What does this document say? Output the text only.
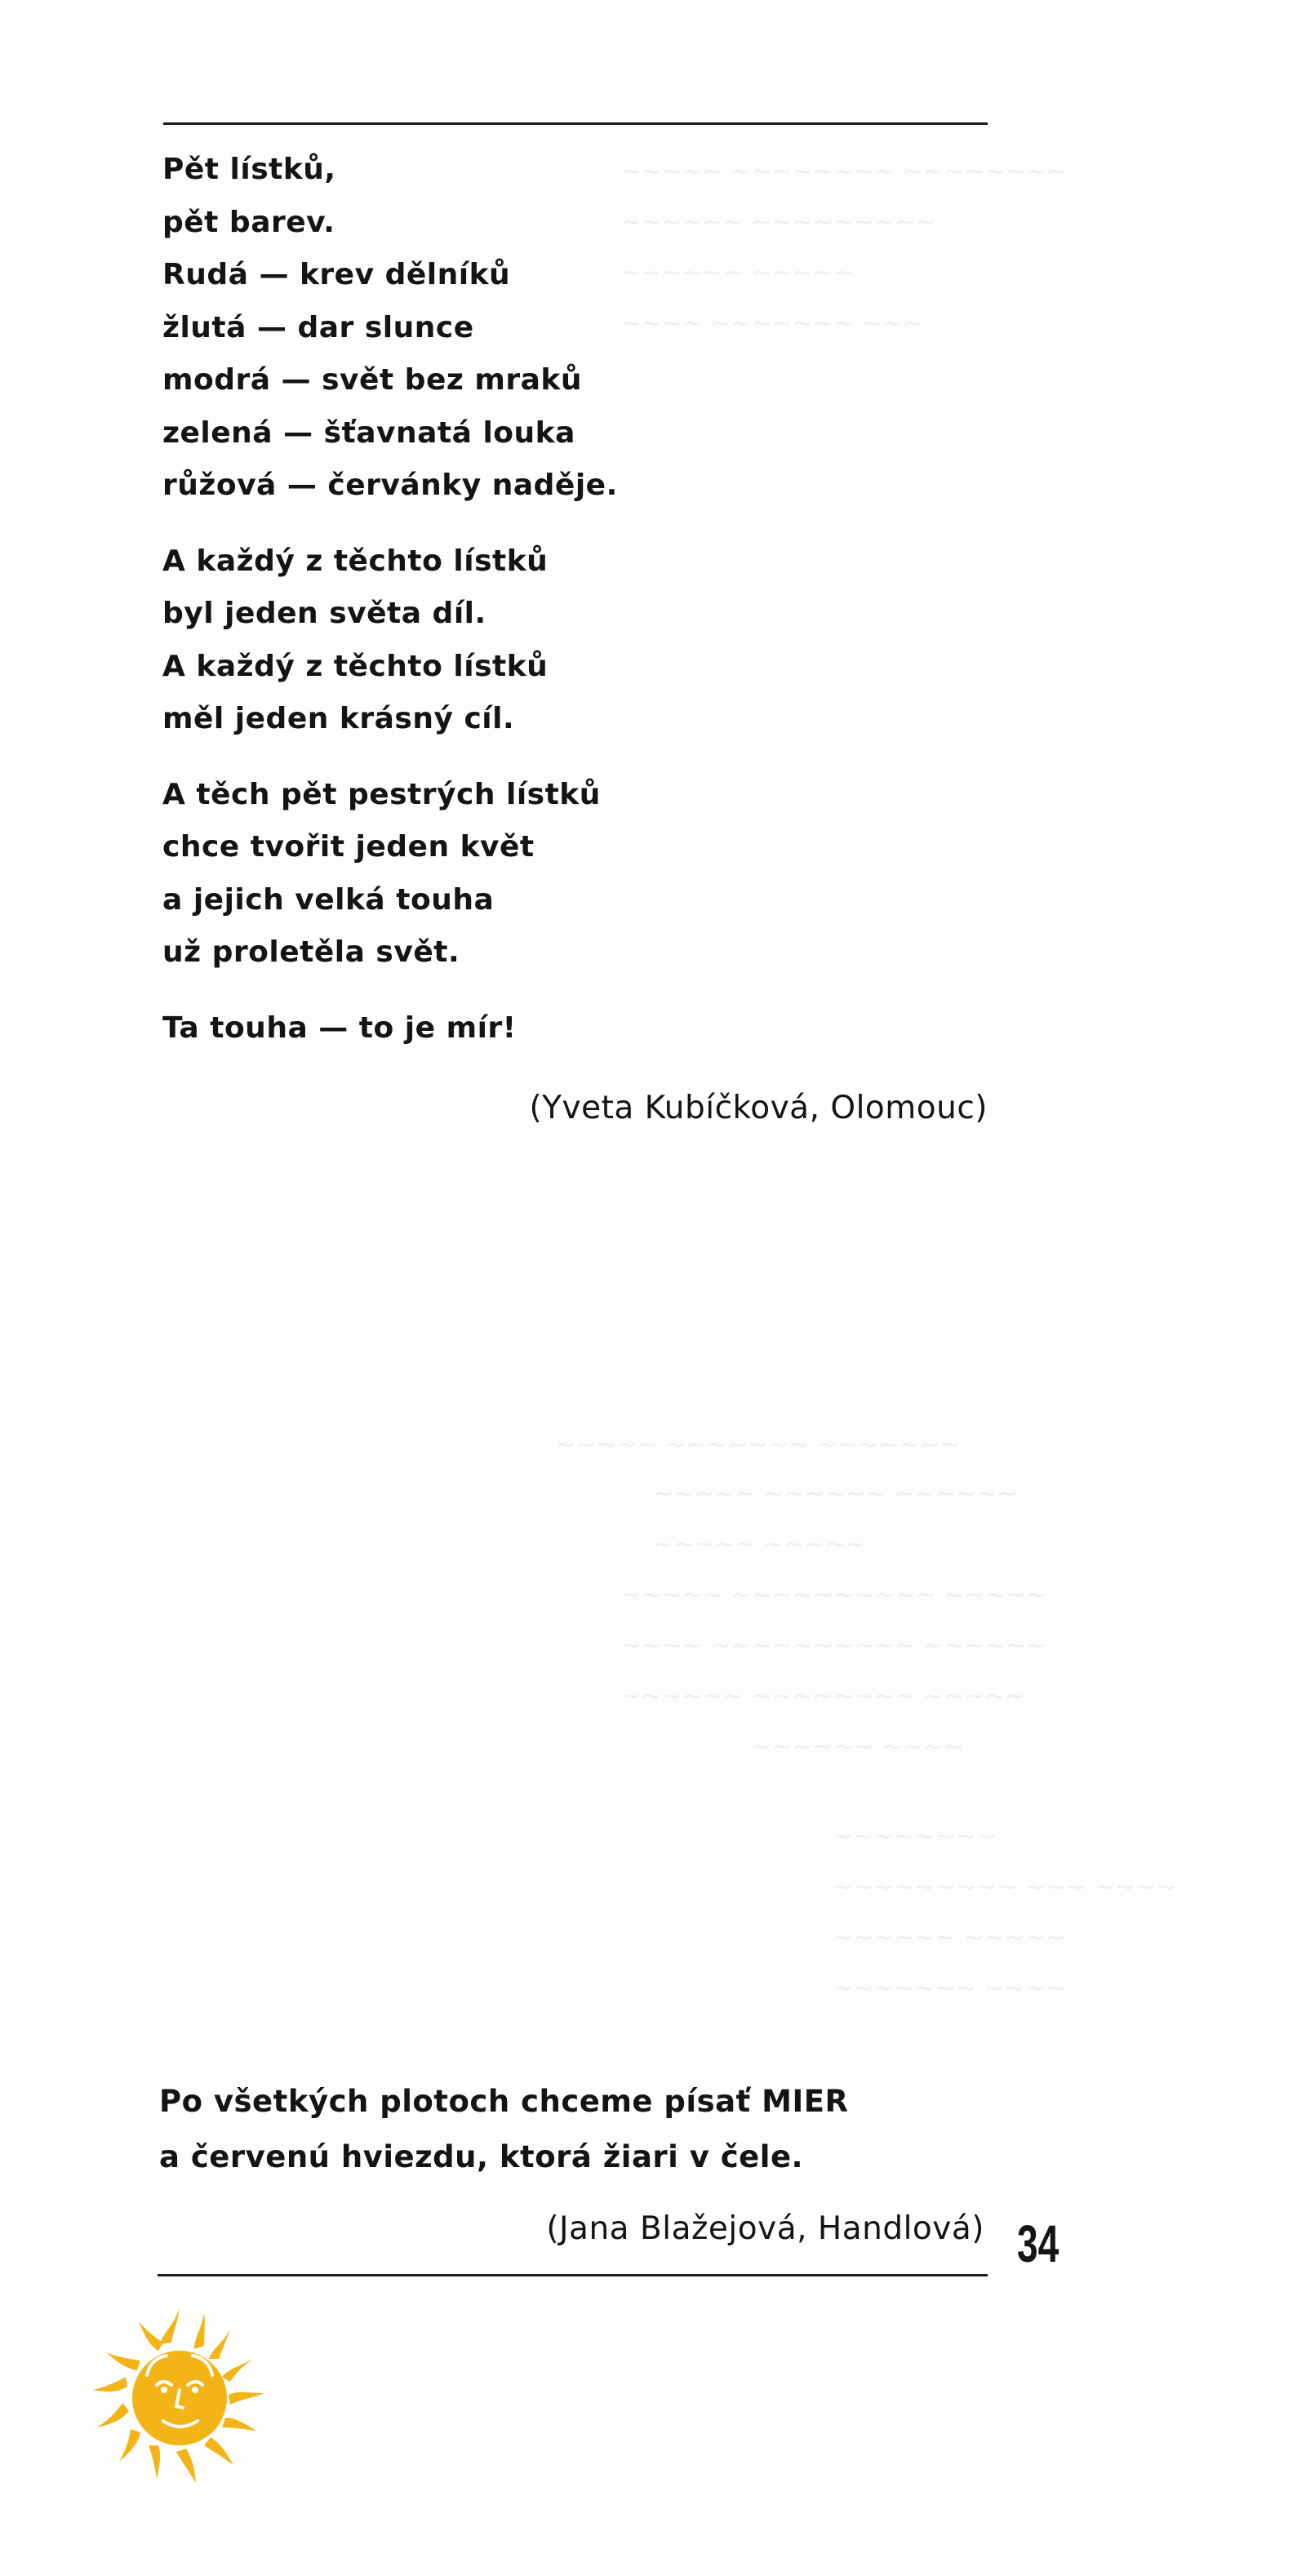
~~~~~ ~~~~~~~~ ~~~~~~~~
~~~~~~ ~~~~~~~~~
~~~~~~ ~~~~~
~~~~ ~~~~~~~ ~~~
~~~~~ ~~~~~~~ ~~~~~~~
~~~~~ ~~~~~~ ~~~~~~
~~~~~ ~~~~~
~~~~~ ~~~~~~~~~~ ~~~~~
~~~~ ~~~~~~~~~~ ~~~~~~
~~~~~~ ~~~~~~~~ ~~~~~
~~~~~~ ~~~~
~~~~~~~~
~~~~~~~~~ ~~~ ~~~~
~~~~~~ ~~~~~
~~~~~~~ ~~~~
Pět lístků,
pět barev.
Rudá — krev dělníků
žlutá — dar slunce
modrá — svět bez mraků
zelená — šťavnatá louka
růžová — červánky naděje.
A každý z těchto lístků
byl jeden světa díl.
A každý z těchto lístků
měl jeden krásný cíl.
A těch pět pestrých lístků
chce tvořit jeden květ
a jejich velká touha
už proletěla svět.
Ta touha — to je mír!
(Yveta Kubíčková, Olomouc)
Po všetkých plotoch chceme písať MIER
a červenú hviezdu, ktorá žiari v čele.
(Jana Blažejová, Handlová) 34
